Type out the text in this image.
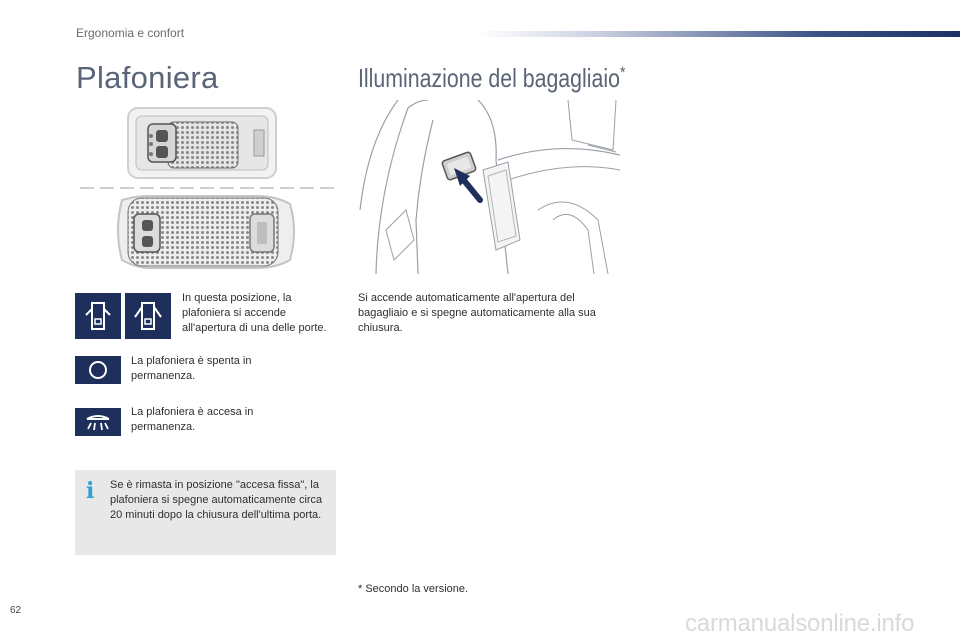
Ergonomia e confort
Plafoniera	Illuminazione del bagagliaio*
In questa posizione, la plafoniera si accende all'apertura di una delle porte.
La plafoniera è spenta in permanenza.
La plafoniera è accesa in permanenza.
i Se è rimasta in posizione "accesa fissa", la plafoniera si spegne automaticamente circa 20 minuti dopo la chiusura dell'ultima porta.
Si accende automaticamente all'apertura del bagagliaio e si spegne automaticamente alla sua chiusura.
* Secondo la versione.
62	carmanualsonline.info
